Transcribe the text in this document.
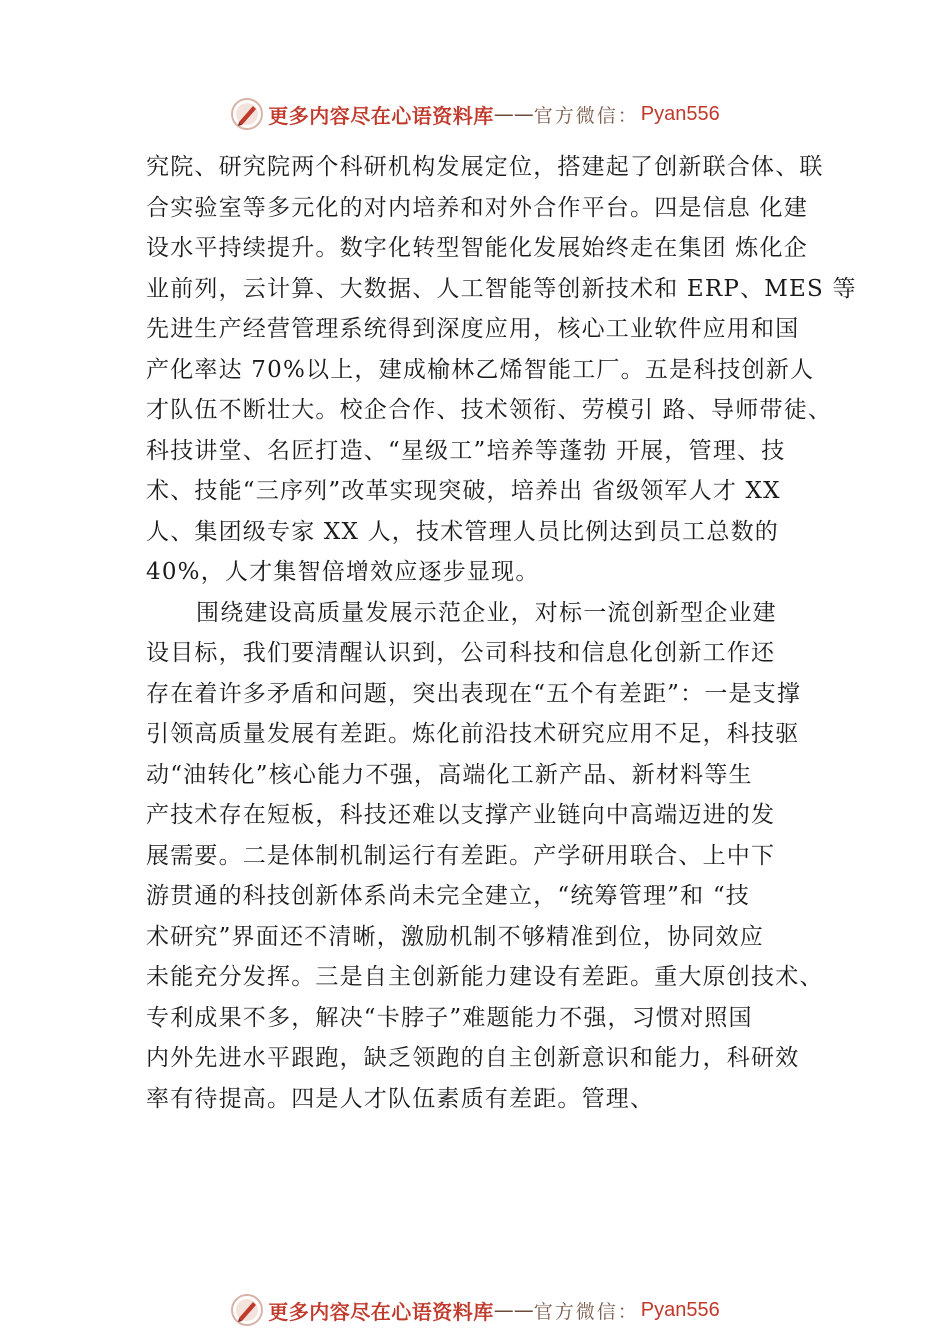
更多内容尽在心语资料库 —— 官方微信： Pyan556
究院、研究院两个科研机构发展定位，搭建起了创新联合体、联
合实验室等多元化的对内培养和对外合作平台。四是信息 化建
设水平持续提升。数字化转型智能化发展始终走在集团 炼化企
业前列，云计算、大数据、人工智能等创新技术和 ERP、MES 等
先进生产经营管理系统得到深度应用，核心工业软件应用和国
产化率达 70%以上，建成榆林乙烯智能工厂。五是科技创新人
才队伍不断壮大。校企合作、技术领衔、劳模引 路、导师带徒、
科技讲堂、名匠打造、“星级工”培养等蓬勃 开展，管理、技
术、技能“三序列”改革实现突破，培养出 省级领军人才 XX
人、集团级专家 XX 人，技术管理人员比例达到员工总数的
40%，人才集智倍增效应逐步显现。
围绕建设高质量发展示范企业，对标一流创新型企业建
设目标，我们要清醒认识到，公司科技和信息化创新工作还
存在着许多矛盾和问题，突出表现在“五个有差距”：一是支撑
引领高质量发展有差距。炼化前沿技术研究应用不足，科技驱
动“油转化”核心能力不强，高端化工新产品、新材料等生
产技术存在短板，科技还难以支撑产业链向中高端迈进的发
展需要。二是体制机制运行有差距。产学研用联合、上中下
游贯通的科技创新体系尚未完全建立，“统筹管理”和 “技
术研究”界面还不清晰，激励机制不够精准到位，协同效应
未能充分发挥。三是自主创新能力建设有差距。重大原创技术、
专利成果不多，解决“卡脖子”难题能力不强，习惯对照国
内外先进水平跟跑，缺乏领跑的自主创新意识和能力，科研效
率有待提高。四是人才队伍素质有差距。管理、
更多内容尽在心语资料库 —— 官方微信： Pyan556
